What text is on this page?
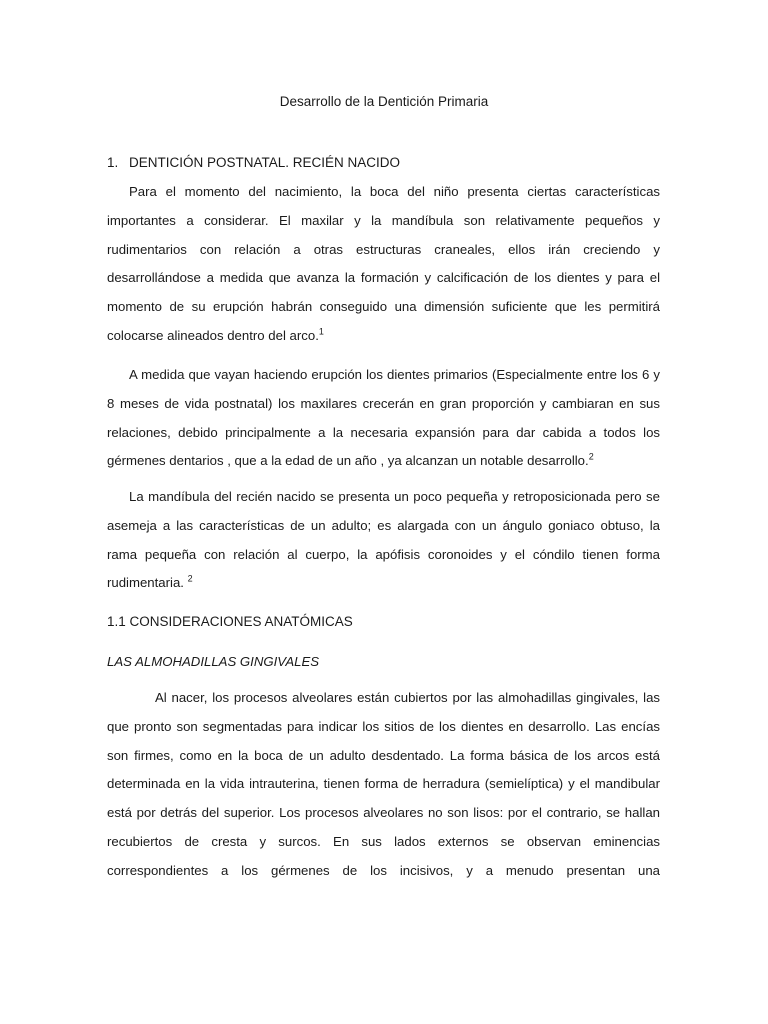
Desarrollo de la Dentición Primaria
1. DENTICIÓN POSTNATAL. RECIÉN NACIDO

Para el momento del nacimiento, la boca del niño presenta ciertas características importantes a considerar. El maxilar y la mandíbula son relativamente pequeños y rudimentarios con relación a otras estructuras craneales, ellos irán creciendo y desarrollándose a medida que avanza la formación y calcificación de los dientes y para el momento de su erupción habrán conseguido una dimensión suficiente que les permitirá colocarse alineados dentro del arco.$^1$

A medida que vayan haciendo erupción los dientes primarios (Especialmente entre los 6 y 8 meses de vida postnatal) los maxilares crecerán en gran proporción y cambiaran en sus relaciones, debido principalmente a la necesaria expansión para dar cabida a todos los gérmenes dentarios , que a la edad de un año , ya alcanzan un notable desarrollo.$^2$

La mandíbula del recién nacido se presenta un poco pequeña y retroposicionada pero se asemeja a las características de un adulto; es alargada con un ángulo goniaco obtuso, la rama pequeña con relación al cuerpo, la apófisis coronoides y el cóndilo tienen forma rudimentaria. $^2$

1.1 CONSIDERACIONES ANATÓMICAS
LAS ALMOHADILLAS GINGIVALES

Al nacer, los procesos alveolares están cubiertos por las almohadillas gingivales, las que pronto son segmentadas para indicar los sitios de los dientes en desarrollo. Las encías son firmes, como en la boca de un adulto desdentado. La forma básica de los arcos está determinada en la vida intrauterina, tienen forma de herradura (semielíptica) y el mandibular está por detrás del superior. Los procesos alveolares no son lisos: por el contrario, se hallan recubiertos de cresta y surcos. En sus lados externos se observan eminencias correspondientes a los gérmenes de los incisivos, y a menudo presentan una
